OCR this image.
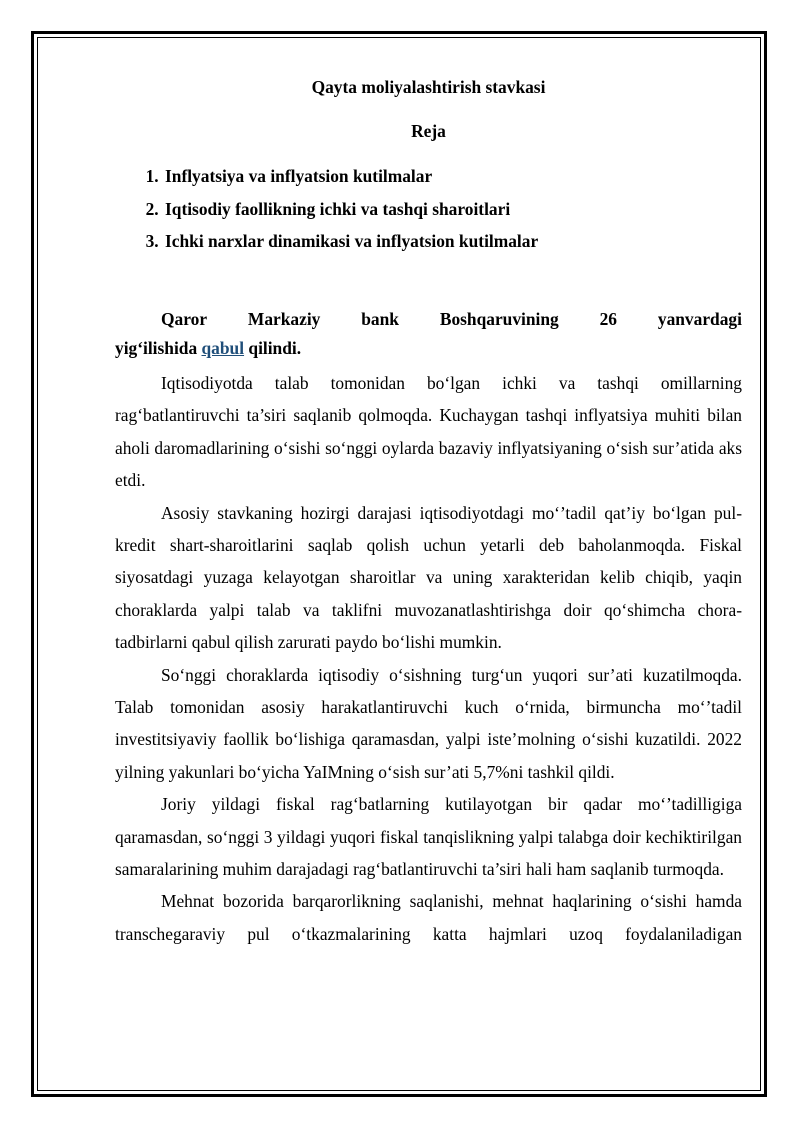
Qayta moliyalashtirish stavkasi

Reja

1. Inflyatsiya va inflyatsion kutilmalar
2. Iqtisodiy faollikning ichki va tashqi sharoitlari
3. Ichki narxlar dinamikasi va inflyatsion kutilmalar
Qaror Markaziy bank Boshqaruvining 26 yanvardagi
yig‘ilishida qabul qilindi.

Iqtisodiyotda talab tomonidan bo‘lgan ichki va tashqi omillarning rag‘batlantiruvchi ta’siri saqlanib qolmoqda. Kuchaygan tashqi inflyatsiya muhiti bilan aholi daromadlarining o‘sishi so‘nggi oylarda bazaviy inflyatsiyaning o‘sish sur’atida aks etdi.

Asosiy stavkaning hozirgi darajasi iqtisodiyotdagi mo‘’tadil qat’iy bo‘lgan pul-kredit shart-sharoitlarini saqlab qolish uchun yetarli deb baholanmoqda. Fiskal siyosatdagi yuzaga kelayotgan sharoitlar va uning xarakteridan kelib chiqib, yaqin choraklarda yalpi talab va taklifni muvozanatlashtirishga doir qo‘shimcha chora-tadbirlarni qabul qilish zarurati paydo bo‘lishi mumkin.

So‘nggi choraklarda iqtisodiy o‘sishning turg‘un yuqori sur’ati kuzatilmoqda. Talab tomonidan asosiy harakatlantiruvchi kuch o‘rnida, birmuncha mo‘’tadil investitsiyaviy faollik bo‘lishiga qaramasdan, yalpi iste’molning o‘sishi kuzatildi. 2022 yilning yakunlari bo‘yicha YaIMning o‘sish sur’ati 5,7%ni tashkil qildi.

Joriy yildagi fiskal rag‘batlarning kutilayotgan bir qadar mo‘’tadilligiga qaramasdan, so‘nggi 3 yildagi yuqori fiskal tanqislikning yalpi talabga doir kechiktirilgan samaralarining muhim darajadagi rag‘batlantiruvchi ta’siri hali ham saqlanib turmoqda.

Mehnat bozorida barqarorlikning saqlanishi, mehnat haqlarining o‘sishi hamda transchegaraviy pul o‘tkazmalarining katta hajmlari uzoq foydalaniladigan
